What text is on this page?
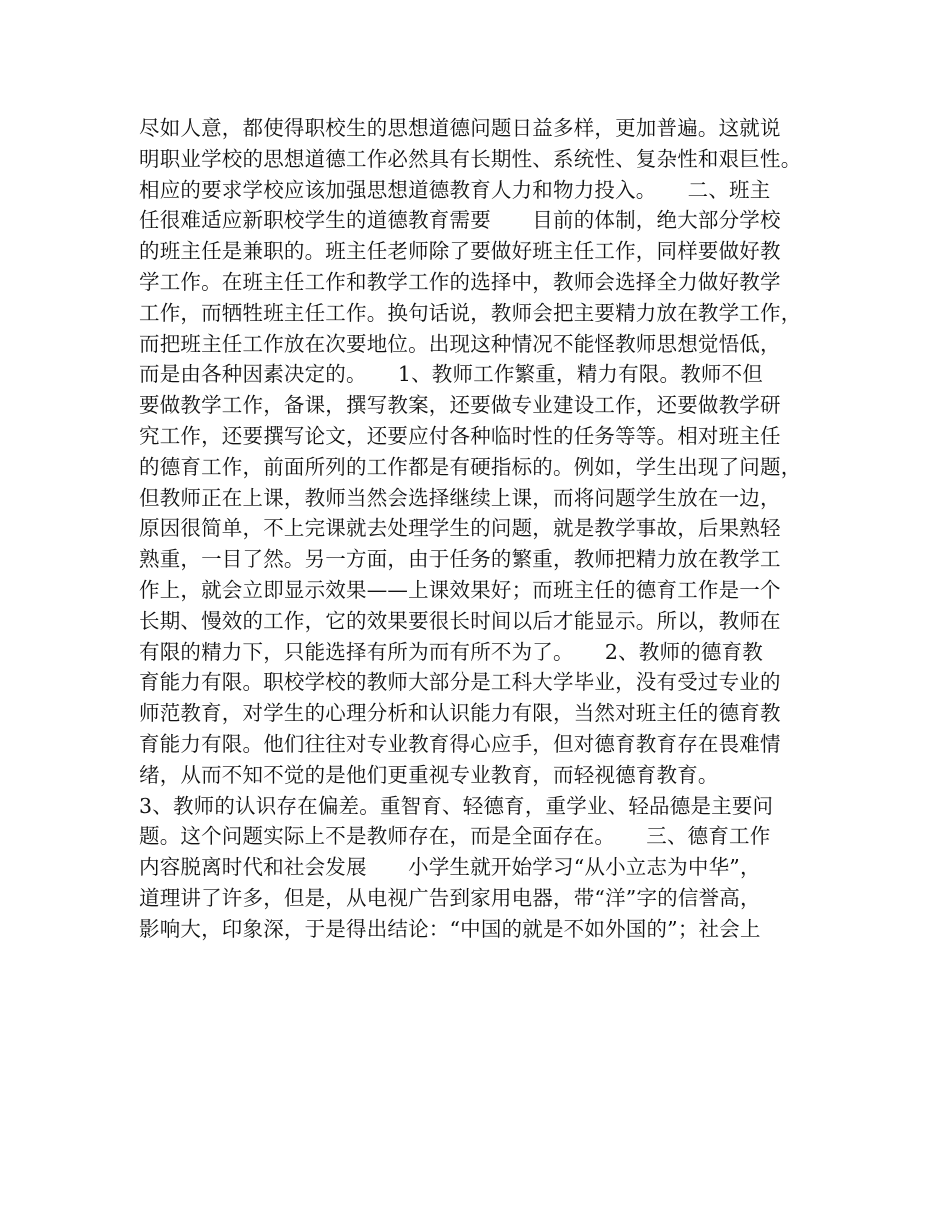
尽如人意，都使得职校生的思想道德问题日益多样，更加普遍。这就说
明职业学校的思想道德工作必然具有长期性、系统性、复杂性和艰巨性。
相应的要求学校应该加强思想道德教育人力和物力投入。　　二、班主
任很难适应新职校学生的道德教育需要　　目前的体制，绝大部分学校
的班主任是兼职的。班主任老师除了要做好班主任工作，同样要做好教
学工作。在班主任工作和教学工作的选择中，教师会选择全力做好教学
工作，而牺牲班主任工作。换句话说，教师会把主要精力放在教学工作，
而把班主任工作放在次要地位。出现这种情况不能怪教师思想觉悟低，
而是由各种因素决定的。　　1、教师工作繁重，精力有限。教师不但
要做教学工作，备课，撰写教案，还要做专业建设工作，还要做教学研
究工作，还要撰写论文，还要应付各种临时性的任务等等。相对班主任
的德育工作，前面所列的工作都是有硬指标的。例如，学生出现了问题，
但教师正在上课，教师当然会选择继续上课，而将问题学生放在一边，
原因很简单，不上完课就去处理学生的问题，就是教学事故，后果熟轻
熟重，一目了然。另一方面，由于任务的繁重，教师把精力放在教学工
作上，就会立即显示效果——上课效果好；而班主任的德育工作是一个
长期、慢效的工作，它的效果要很长时间以后才能显示。所以，教师在
有限的精力下，只能选择有所为而有所不为了。　　2、教师的德育教
育能力有限。职校学校的教师大部分是工科大学毕业，没有受过专业的
师范教育，对学生的心理分析和认识能力有限，当然对班主任的德育教
育能力有限。他们往往对专业教育得心应手，但对德育教育存在畏难情
绪，从而不知不觉的是他们更重视专业教育，而轻视德育教育。
3、教师的认识存在偏差。重智育、轻德育，重学业、轻品德是主要问
题。这个问题实际上不是教师存在，而是全面存在。　　三、德育工作
内容脱离时代和社会发展　　小学生就开始学习“从小立志为中华”，
道理讲了许多，但是，从电视广告到家用电器，带“洋”字的信誉高，
影响大，印象深，于是得出结论：“中国的就是不如外国的”；社会上
